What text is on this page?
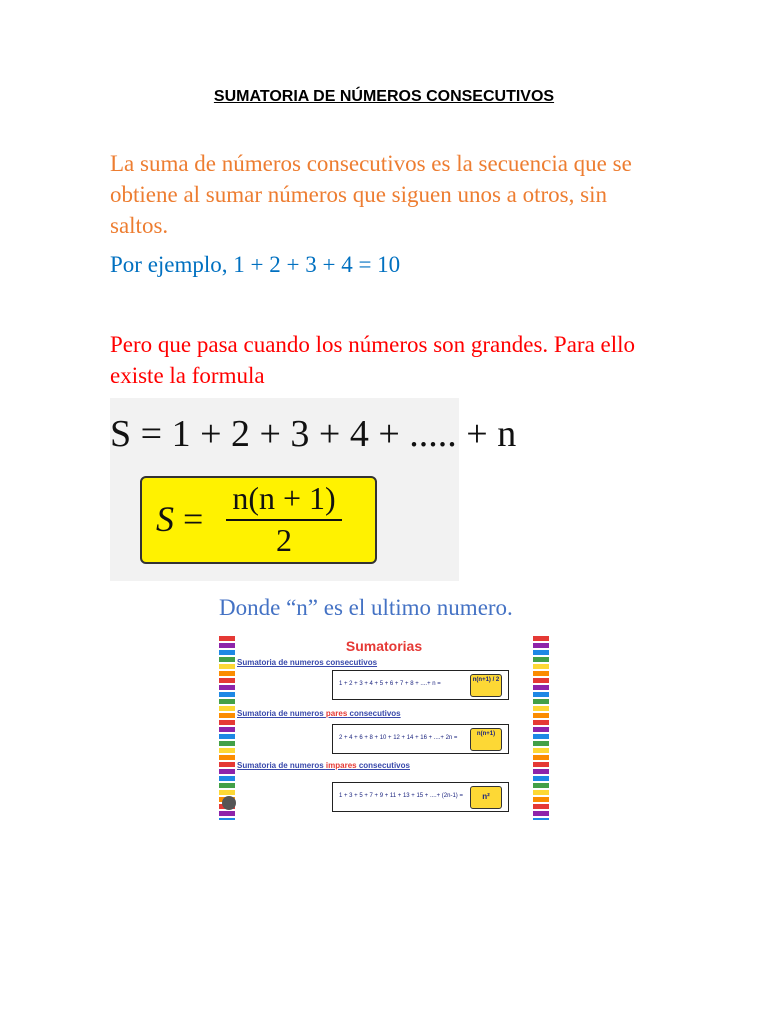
SUMATORIA DE NÚMEROS CONSECUTIVOS

La suma de números consecutivos es la secuencia que se obtiene al sumar números que siguen unos a otros, sin saltos.

Por ejemplo, 1 + 2 + 3 + 4 = 10

Pero que pasa cuando los números son grandes. Para ello existe la formula

S = 1 + 2 + 3 + 4 + ..... + n
S =
n(n + 1)
2

Donde “n” es el ultimo numero.

Sumatorias
Sumatoria de numeros consecutivos
1 + 2 + 3 + 4 + 5 + 6 + 7 + 8 + ....+ n =
n(n+1) / 2
Sumatoria de numeros pares consecutivos
2 + 4 + 6 + 8 + 10 + 12 + 14 + 16 + ....+ 2n =
n(n+1)
Sumatoria de numeros impares consecutivos
1 + 3 + 5 + 7 + 9 + 11 + 13 + 15 + ....+ (2n-1) =	n²
